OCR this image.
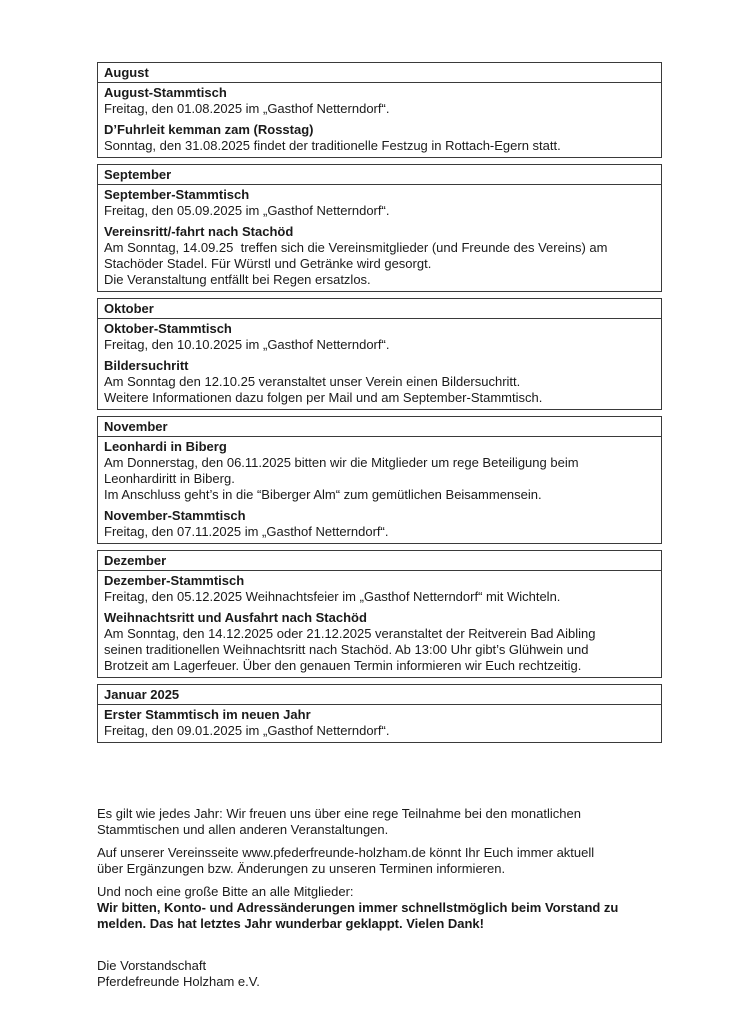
August
August-Stammtisch
Freitag, den 01.08.2025 im „Gasthof Netterndorf“.
D’Fuhrleit kemman zam (Rosstag)
Sonntag, den 31.08.2025 findet der traditionelle Festzug in Rottach-Egern statt.
September
September-Stammtisch
Freitag, den 05.09.2025 im „Gasthof Netterndorf“.
Vereinsritt/-fahrt nach Stachöd
Am Sonntag, 14.09.25  treffen sich die Vereinsmitglieder (und Freunde des Vereins) am
Stachöder Stadel. Für Würstl und Getränke wird gesorgt.
Die Veranstaltung entfällt bei Regen ersatzlos.
Oktober
Oktober-Stammtisch
Freitag, den 10.10.2025 im „Gasthof Netterndorf“.
Bildersuchritt
Am Sonntag den 12.10.25 veranstaltet unser Verein einen Bildersuchritt.
Weitere Informationen dazu folgen per Mail und am September-Stammtisch.
November
Leonhardi in Biberg
Am Donnerstag, den 06.11.2025 bitten wir die Mitglieder um rege Beteiligung beim
Leonhardiritt in Biberg.
Im Anschluss geht’s in die “Biberger Alm“ zum gemütlichen Beisammensein.
November-Stammtisch
Freitag, den 07.11.2025 im „Gasthof Netterndorf“.
Dezember
Dezember-Stammtisch
Freitag, den 05.12.2025 Weihnachtsfeier im „Gasthof Netterndorf“ mit Wichteln.
Weihnachtsritt und Ausfahrt nach Stachöd
Am Sonntag, den 14.12.2025 oder 21.12.2025 veranstaltet der Reitverein Bad Aibling
seinen traditionellen Weihnachtsritt nach Stachöd. Ab 13:00 Uhr gibt’s Glühwein und
Brotzeit am Lagerfeuer. Über den genauen Termin informieren wir Euch rechtzeitig.
Januar 2025
Erster Stammtisch im neuen Jahr
Freitag, den 09.01.2025 im „Gasthof Netterndorf“.

Es gilt wie jedes Jahr: Wir freuen uns über eine rege Teilnahme bei den monatlichen
Stammtischen und allen anderen Veranstaltungen.

Auf unserer Vereinsseite www.pfederfreunde-holzham.de könnt Ihr Euch immer aktuell
über Ergänzungen bzw. Änderungen zu unseren Terminen informieren.

Und noch eine große Bitte an alle Mitglieder:
Wir bitten, Konto- und Adressänderungen immer schnellstmöglich beim Vorstand zu
melden. Das hat letztes Jahr wunderbar geklappt. Vielen Dank!

Die Vorstandschaft
Pferdefreunde Holzham e.V.
